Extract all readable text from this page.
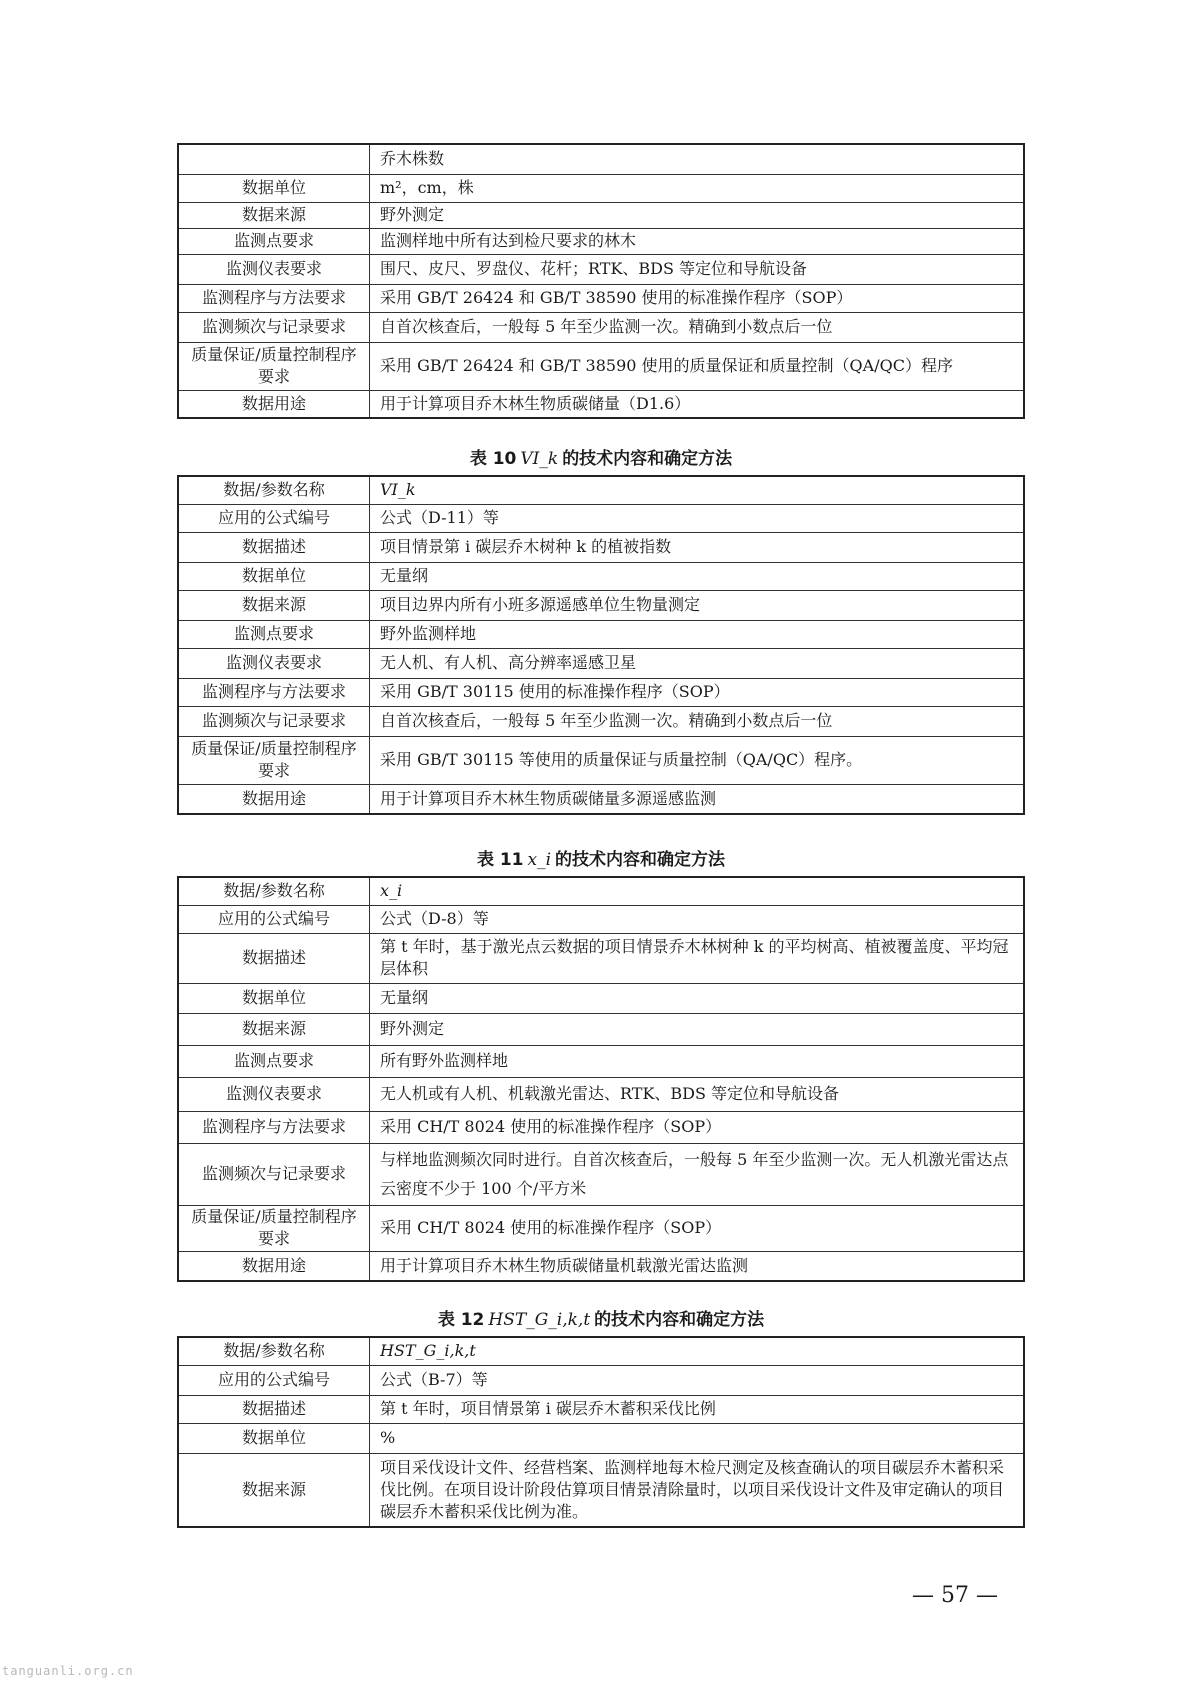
	乔木株数
数据单位	m²，cm，株
数据来源	野外测定
监测点要求	监测样地中所有达到检尺要求的林木
监测仪表要求	围尺、皮尺、罗盘仪、花杆；RTK、BDS 等定位和导航设备
监测程序与方法要求	采用 GB/T 26424 和 GB/T 38590 使用的标准操作程序（SOP）
监测频次与记录要求	自首次核查后，一般每 5 年至少监测一次。精确到小数点后一位
质量保证/质量控制程序要求	采用 GB/T 26424 和 GB/T 38590 使用的质量保证和质量控制（QA/QC）程序
数据用途	用于计算项目乔木林生物质碳储量（D1.6）
表 10 VI_k 的技术内容和确定方法
数据/参数名称	VI_k
应用的公式编号	公式（D-11）等
数据描述	项目情景第 i 碳层乔木树种 k 的植被指数
数据单位	无量纲
数据来源	项目边界内所有小班多源遥感单位生物量测定
监测点要求	野外监测样地
监测仪表要求	无人机、有人机、高分辨率遥感卫星
监测程序与方法要求	采用 GB/T 30115 使用的标准操作程序（SOP）
监测频次与记录要求	自首次核查后，一般每 5 年至少监测一次。精确到小数点后一位
质量保证/质量控制程序要求	采用 GB/T 30115 等使用的质量保证与质量控制（QA/QC）程序。
数据用途	用于计算项目乔木林生物质碳储量多源遥感监测
表 11 x_i 的技术内容和确定方法
数据/参数名称	x_i
应用的公式编号	公式（D-8）等
数据描述	第 t 年时，基于激光点云数据的项目情景乔木林树种 k 的平均树高、植被覆盖度、平均冠层体积
数据单位	无量纲
数据来源	野外测定
监测点要求	所有野外监测样地
监测仪表要求	无人机或有人机、机载激光雷达、RTK、BDS 等定位和导航设备
监测程序与方法要求	采用 CH/T 8024 使用的标准操作程序（SOP）
监测频次与记录要求	与样地监测频次同时进行。自首次核查后，一般每 5 年至少监测一次。无人机激光雷达点云密度不少于 100 个/平方米
质量保证/质量控制程序要求	采用 CH/T 8024 使用的标准操作程序（SOP）
数据用途	用于计算项目乔木林生物质碳储量机载激光雷达监测
表 12 HST_G_i,k,t 的技术内容和确定方法
数据/参数名称	HST_G_i,k,t
应用的公式编号	公式（B-7）等
数据描述	第 t 年时，项目情景第 i 碳层乔木蓄积采伐比例
数据单位	%
数据来源	项目采伐设计文件、经营档案、监测样地每木检尺测定及核查确认的项目碳层乔木蓄积采伐比例。在项目设计阶段估算项目情景清除量时，以项目采伐设计文件及审定确认的项目碳层乔木蓄积采伐比例为准。
— 57 —
tanguanli.org.cn
